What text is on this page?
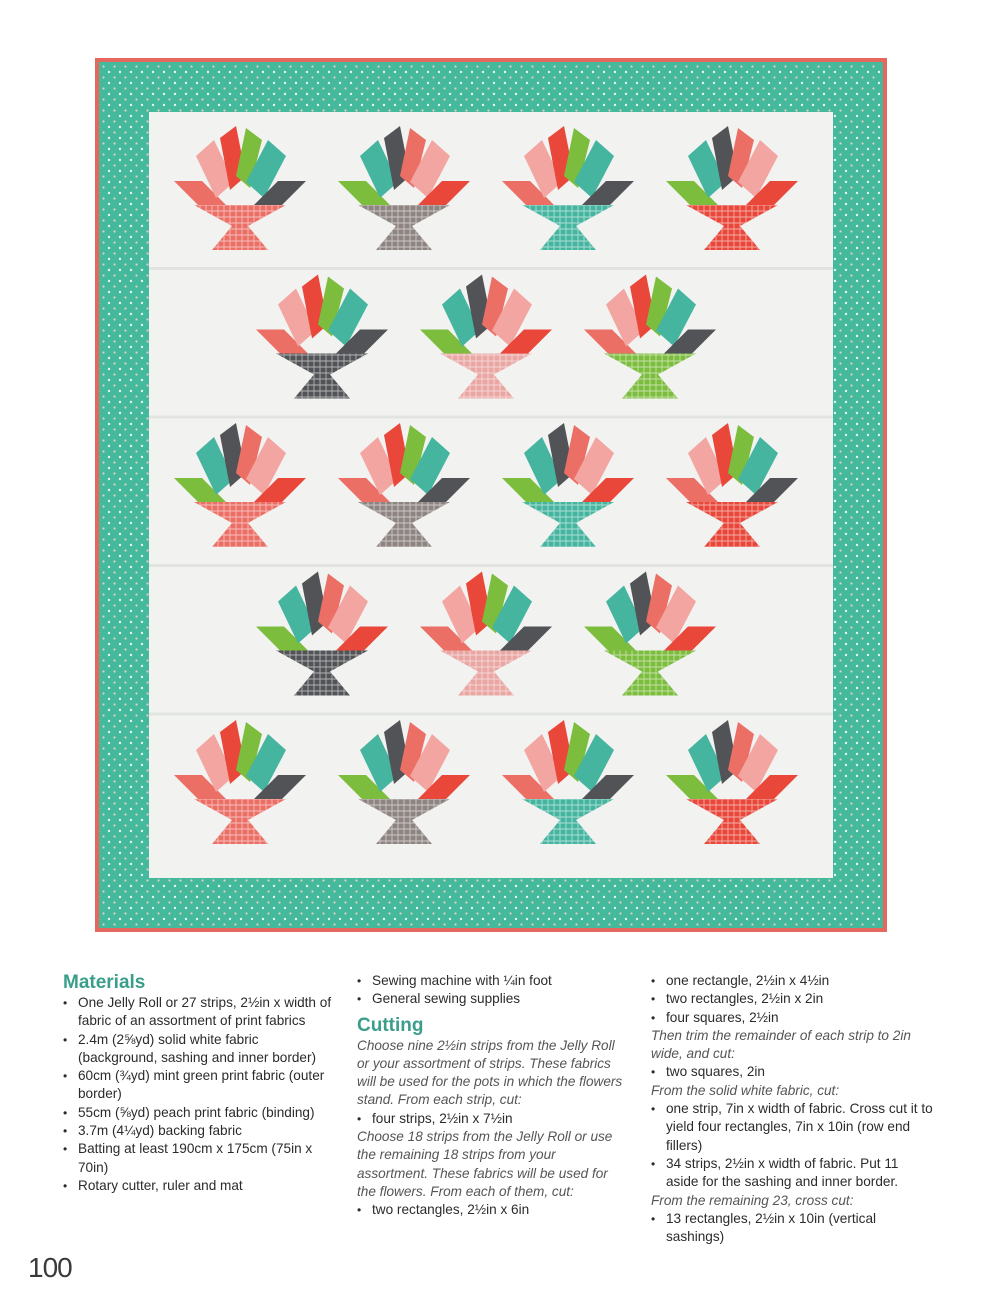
Materials
• One Jelly Roll or 27 strips, 2½in x width of fabric of an assortment of print fabrics
• 2.4m (2⅝yd) solid white fabric (background, sashing and inner border)
• 60cm (¾yd) mint green print fabric (outer border)
• 55cm (⅝yd) peach print fabric (binding)
• 3.7m (4¼yd) backing fabric
• Batting at least 190cm x 175cm (75in x 70in)
• Rotary cutter, ruler and mat
• Sewing machine with ¼in foot
• General sewing supplies
Cutting

Choose nine 2½in strips from the Jelly Roll or your assortment of strips. These fabrics will be used for the pots in which the flowers stand. From each strip, cut:

• four strips, 2½in x 7½in

Choose 18 strips from the Jelly Roll or use the remaining 18 strips from your assortment. These fabrics will be used for the flowers. From each of them, cut:

• two rectangles, 2½in x 6in
• one rectangle, 2½in x 4½in
• two rectangles, 2½in x 2in
• four squares, 2½in

Then trim the remainder of each strip to 2in wide, and cut:

• two squares, 2in

From the solid white fabric, cut:

• one strip, 7in x width of fabric. Cross cut it to yield four rectangles, 7in x 10in (row end fillers)
• 34 strips, 2½in x width of fabric. Put 11 aside for the sashing and inner border.

From the remaining 23, cross cut:

• 13 rectangles, 2½in x 10in (vertical sashings)
100
